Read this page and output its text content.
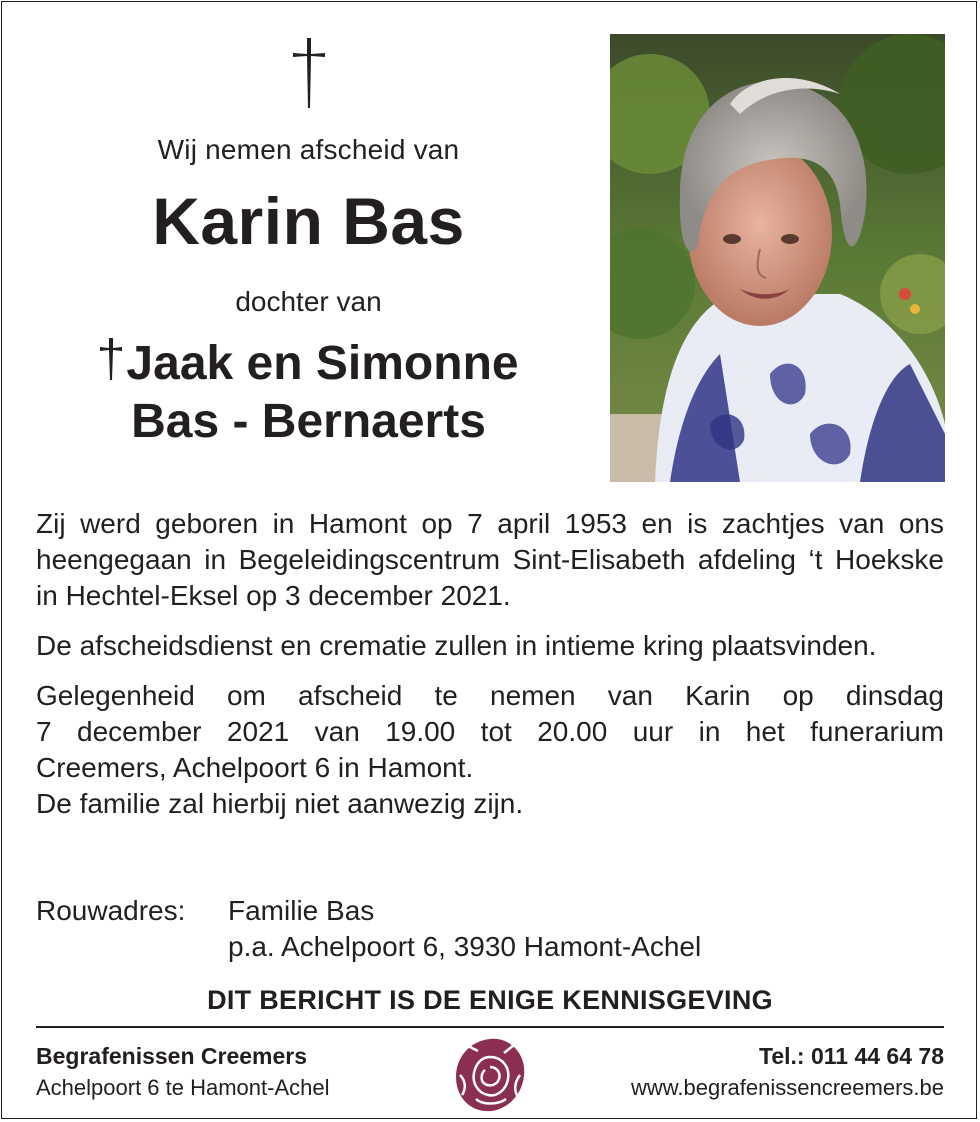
Wij nemen afscheid van
Karin Bas
dochter van
Jaak en Simonne
Bas - Bernaerts

Zij werd geboren in Hamont op 7 april 1953 en is zachtjes van ons heengegaan in Begeleidingscentrum Sint-Elisabeth afdeling ‘t Hoekske in Hechtel-Eksel op 3 december 2021.

De afscheidsdienst en crematie zullen in intieme kring plaatsvinden.

Gelegenheid om afscheid te nemen van Karin op dinsdag
7 december 2021 van 19.00 tot 20.00 uur in het funerarium
Creemers, Achelpoort 6 in Hamont.
De familie zal hierbij niet aanwezig zijn.

Rouwadres: Familie Bas
p.a. Achelpoort 6, 3930 Hamont-Achel
DIT BERICHT IS DE ENIGE KENNISGEVING
Begrafenissen Creemers
Achelpoort 6 te Hamont-Achel
Tel.: 011 44 64 78
www.begrafenissencreemers.be
